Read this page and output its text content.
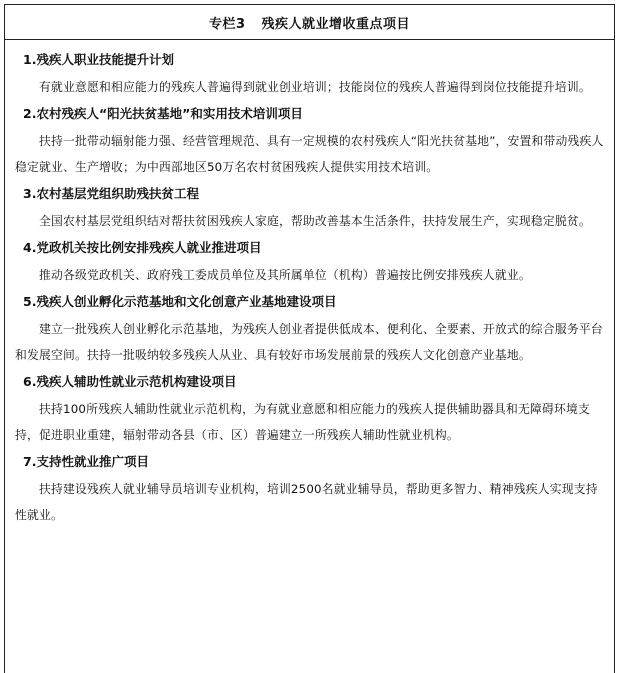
专栏3 残疾人就业增收重点项目
1.残疾人职业技能提升计划

有就业意愿和相应能力的残疾人普遍得到就业创业培训；技能岗位的残疾人普遍得到岗位技能提升培训。

2.农村残疾人“阳光扶贫基地”和实用技术培训项目

扶持一批带动辐射能力强、经营管理规范、具有一定规模的农村残疾人“阳光扶贫基地”，安置和带动残疾人稳定就业、生产增收；为中西部地区50万名农村贫困残疾人提供实用技术培训。

3.农村基层党组织助残扶贫工程

全国农村基层党组织结对帮扶贫困残疾人家庭，帮助改善基本生活条件，扶持发展生产，实现稳定脱贫。

4.党政机关按比例安排残疾人就业推进项目

推动各级党政机关、政府残工委成员单位及其所属单位（机构）普遍按比例安排残疾人就业。

5.残疾人创业孵化示范基地和文化创意产业基地建设项目

建立一批残疾人创业孵化示范基地，为残疾人创业者提供低成本、便利化、全要素、开放式的综合服务平台和发展空间。扶持一批吸纳较多残疾人从业、具有较好市场发展前景的残疾人文化创意产业基地。

6.残疾人辅助性就业示范机构建设项目

扶持100所残疾人辅助性就业示范机构，为有就业意愿和相应能力的残疾人提供辅助器具和无障碍环境支持，促进职业重建，辐射带动各县（市、区）普遍建立一所残疾人辅助性就业机构。

7.支持性就业推广项目

扶持建设残疾人就业辅导员培训专业机构，培训2500名就业辅导员，帮助更多智力、精神残疾人实现支持性就业。
